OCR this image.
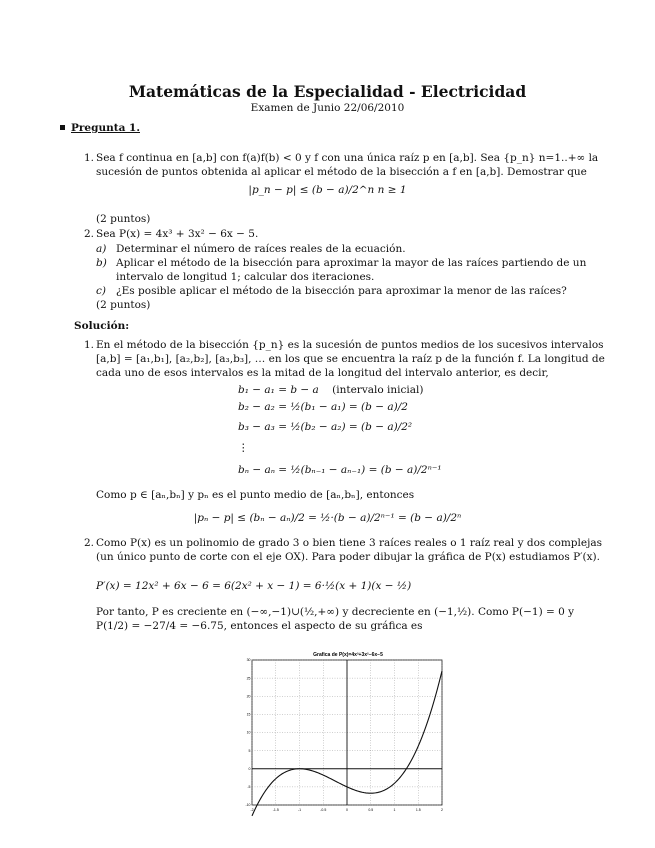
Matemáticas de la Especialidad - Electricidad
Examen de Junio 22/06/2010
Pregunta 1.
1. Sea f continua en [a,b] con f(a)f(b) < 0 y f con una única raíz p en [a,b]. Sea {p_n} n=1..+∞ la sucesión de puntos obtenida al aplicar el método de la bisección a f en [a,b]. Demostrar que
|p_n − p| ≤ (b − a)/2^n n ≥ 1
(2 puntos)
2. Sea P(x) = 4x³ + 3x² − 6x − 5.
a) Determinar el número de raíces reales de la ecuación.
b) Aplicar el método de la bisección para aproximar la mayor de las raíces partiendo de un intervalo de longitud 1; calcular dos iteraciones.
c) ¿Es posible aplicar el método de la bisección para aproximar la menor de las raíces?
(2 puntos)
Solución:
1. En el método de la bisección {p_n} es la sucesión de puntos medios de los sucesivos intervalos [a,b] = [a₁,b₁], [a₂,b₂], [a₃,b₃], … en los que se encuentra la raíz p de la función f. La longitud de cada uno de esos intervalos es la mitad de la longitud del intervalo anterior, es decir,
b₁ − a₁ = b − a (intervalo inicial)
b₂ − a₂ = ½(b₁ − a₁) = (b − a)/2
b₃ − a₃ = ½(b₂ − a₂) = (b − a)/2²
⋮
bₙ − aₙ = ½(bₙ₋₁ − aₙ₋₁) = (b − a)/2ⁿ⁻¹
Como p ∈ [aₙ,bₙ] y pₙ es el punto medio de [aₙ,bₙ], entonces
|pₙ − p| ≤ (bₙ − aₙ)/2 = ½·(b − a)/2ⁿ⁻¹ = (b − a)/2ⁿ
2. Como P(x) es un polinomio de grado 3 o bien tiene 3 raíces reales o 1 raíz real y dos complejas (un único punto de corte con el eje OX). Para poder dibujar la gráfica de P(x) estudiamos P′(x).
P′(x) = 12x² + 6x − 6 = 6(2x² + x − 1) = 6·½(x + 1)(x − ½)
Por tanto, P es creciente en (−∞,−1)∪(½,+∞) y decreciente en (−1,½). Como P(−1) = 0 y P(1/2) = −27/4 = −6.75, entonces el aspecto de su gráfica es
Grafica de P(x)=4x³+3x²−6x−5
-2	-1.5	-1	-0.5	0	0.5	1	1.5	2
-10
-5
0
5
10
15
20
25
30
